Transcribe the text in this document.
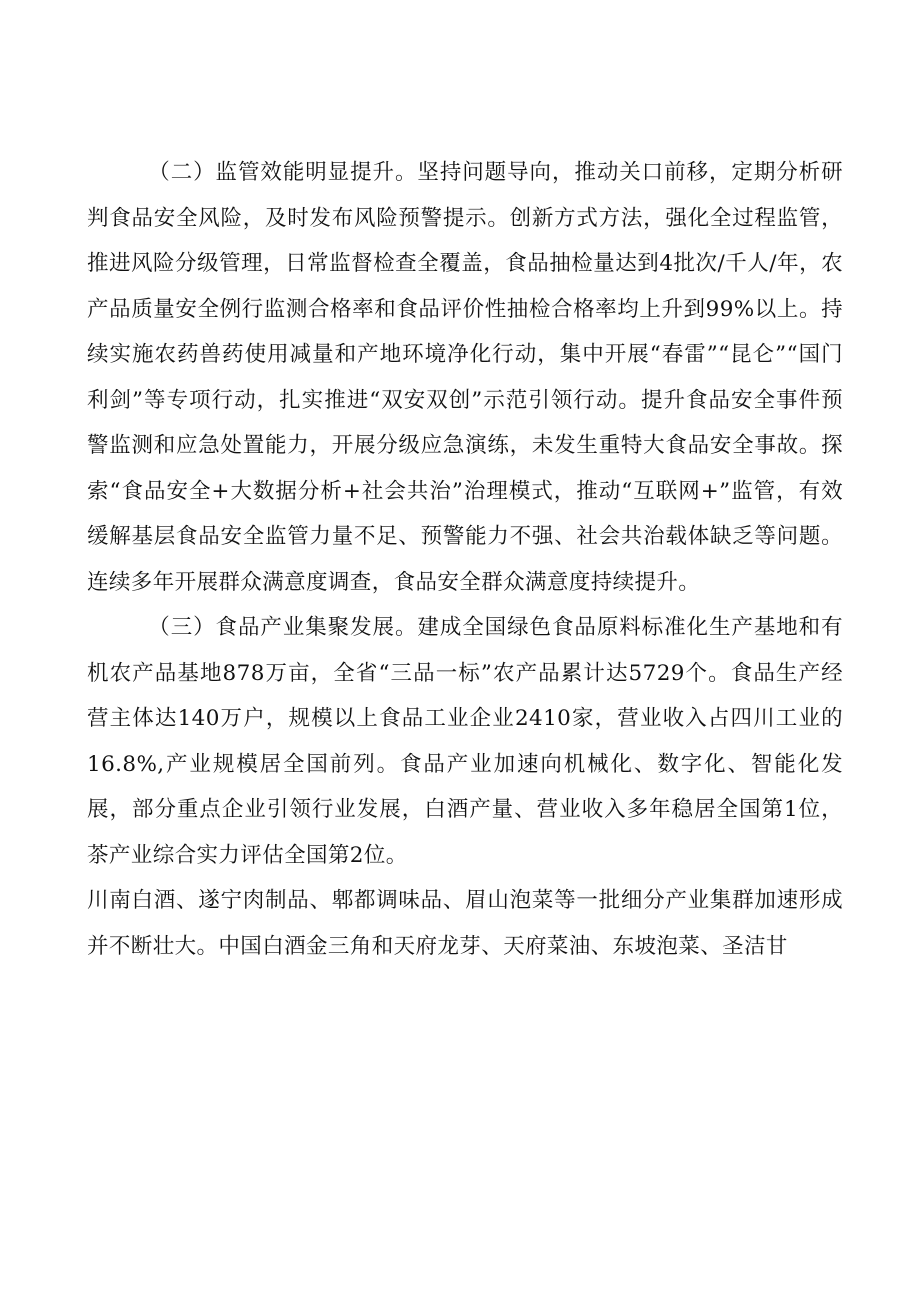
（二）监管效能明显提升。坚持问题导向，推动关口前移，定期分析研判食品安全风险，及时发布风险预警提示。创新方式方法，强化全过程监管，推进风险分级管理，日常监督检查全覆盖，食品抽检量达到4批次/千人/年，农产品质量安全例行监测合格率和食品评价性抽检合格率均上升到99%以上。持续实施农药兽药使用减量和产地环境净化行动，集中开展“春雷”“昆仑”“国门利剑”等专项行动，扎实推进“双安双创”示范引领行动。提升食品安全事件预警监测和应急处置能力，开展分级应急演练，未发生重特大食品安全事故。探索“食品安全+大数据分析+社会共治”治理模式，推动“互联网+”监管，有效缓解基层食品安全监管力量不足、预警能力不强、社会共治载体缺乏等问题。连续多年开展群众满意度调查，食品安全群众满意度持续提升。

（三）食品产业集聚发展。建成全国绿色食品原料标准化生产基地和有机农产品基地878万亩，全省“三品一标”农产品累计达5729个。食品生产经营主体达140万户，规模以上食品工业企业2410家，营业收入占四川工业的16.8%,产业规模居全国前列。食品产业加速向机械化、数字化、智能化发展，部分重点企业引领行业发展，白酒产量、营业收入多年稳居全国第1位，茶产业综合实力评估全国第2位。

川南白酒、遂宁肉制品、郫都调味品、眉山泡菜等一批细分产业集群加速形成并不断壮大。中国白酒金三角和天府龙芽、天府菜油、东坡泡菜、圣洁甘
